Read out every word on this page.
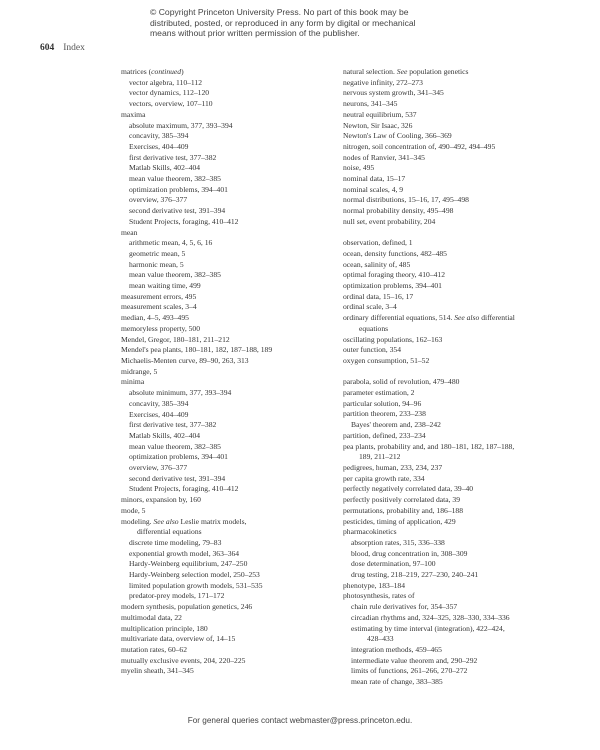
© Copyright Princeton University Press. No part of this book may be
distributed, posted, or reproduced in any form by digital or mechanical
means without prior written permission of the publisher.
604 Index
matrices (continued)
vector algebra, 110–112
vector dynamics, 112–120
vectors, overview, 107–110
maxima
absolute maximum, 377, 393–394
concavity, 385–394
Exercises, 404–409
first derivative test, 377–382
Matlab Skills, 402–404
mean value theorem, 382–385
optimization problems, 394–401
overview, 376–377
second derivative test, 391–394
Student Projects, foraging, 410–412
mean
arithmetic mean, 4, 5, 6, 16
geometric mean, 5
harmonic mean, 5
mean value theorem, 382–385
mean waiting time, 499
measurement errors, 495
measurement scales, 3–4
median, 4–5, 493–495
memoryless property, 500
Mendel, Gregor, 180–181, 211–212
Mendel's pea plants, 180–181, 182, 187–188, 189
Michaelis-Menten curve, 89–90, 263, 313
midrange, 5
minima
absolute minimum, 377, 393–394
concavity, 385–394
Exercises, 404–409
first derivative test, 377–382
Matlab Skills, 402–404
mean value theorem, 382–385
optimization problems, 394–401
overview, 376–377
second derivative test, 391–394
Student Projects, foraging, 410–412
minors, expansion by, 160
mode, 5
modeling. See also Leslie matrix models,
differential equations
discrete time modeling, 79–83
exponential growth model, 363–364
Hardy-Weinberg equilibrium, 247–250
Hardy-Weinberg selection model, 250–253
limited population growth models, 531–535
predator-prey models, 171–172
modern synthesis, population genetics, 246
multimodal data, 22
multiplication principle, 180
multivariate data, overview of, 14–15
mutation rates, 60–62
mutually exclusive events, 204, 220–225
myelin sheath, 341–345
natural selection. See population genetics
negative infinity, 272–273
nervous system growth, 341–345
neurons, 341–345
neutral equilibrium, 537
Newton, Sir Isaac, 326
Newton's Law of Cooling, 366–369
nitrogen, soil concentration of, 490–492, 494–495
nodes of Ranvier, 341–345
noise, 495
nominal data, 15–17
nominal scales, 4, 9
normal distributions, 15–16, 17, 495–498
normal probability density, 495–498
null set, event probability, 204
observation, defined, 1
ocean, density functions, 482–485
ocean, salinity of, 485
optimal foraging theory, 410–412
optimization problems, 394–401
ordinal data, 15–16, 17
ordinal scale, 3–4
ordinary differential equations, 514. See also differential
equations
oscillating populations, 162–163
outer function, 354
oxygen consumption, 51–52
parabola, solid of revolution, 479–480
parameter estimation, 2
particular solution, 94–96
partition theorem, 233–238
Bayes' theorem and, 238–242
partition, defined, 233–234
pea plants, probability and, and 180–181, 182, 187–188,
189, 211–212
pedigrees, human, 233, 234, 237
per capita growth rate, 334
perfectly negatively correlated data, 39–40
perfectly positively correlated data, 39
permutations, probability and, 186–188
pesticides, timing of application, 429
pharmacokinetics
absorption rates, 315, 336–338
blood, drug concentration in, 308–309
dose determination, 97–100
drug testing, 218–219, 227–230, 240–241
phenotype, 183–184
photosynthesis, rates of
chain rule derivatives for, 354–357
circadian rhythms and, 324–325, 328–330, 334–336
estimating by time interval (integration), 422–424,
428–433
integration methods, 459–465
intermediate value theorem and, 290–292
limits of functions, 261–266, 270–272
mean rate of change, 383–385
For general queries contact webmaster@press.princeton.edu.
